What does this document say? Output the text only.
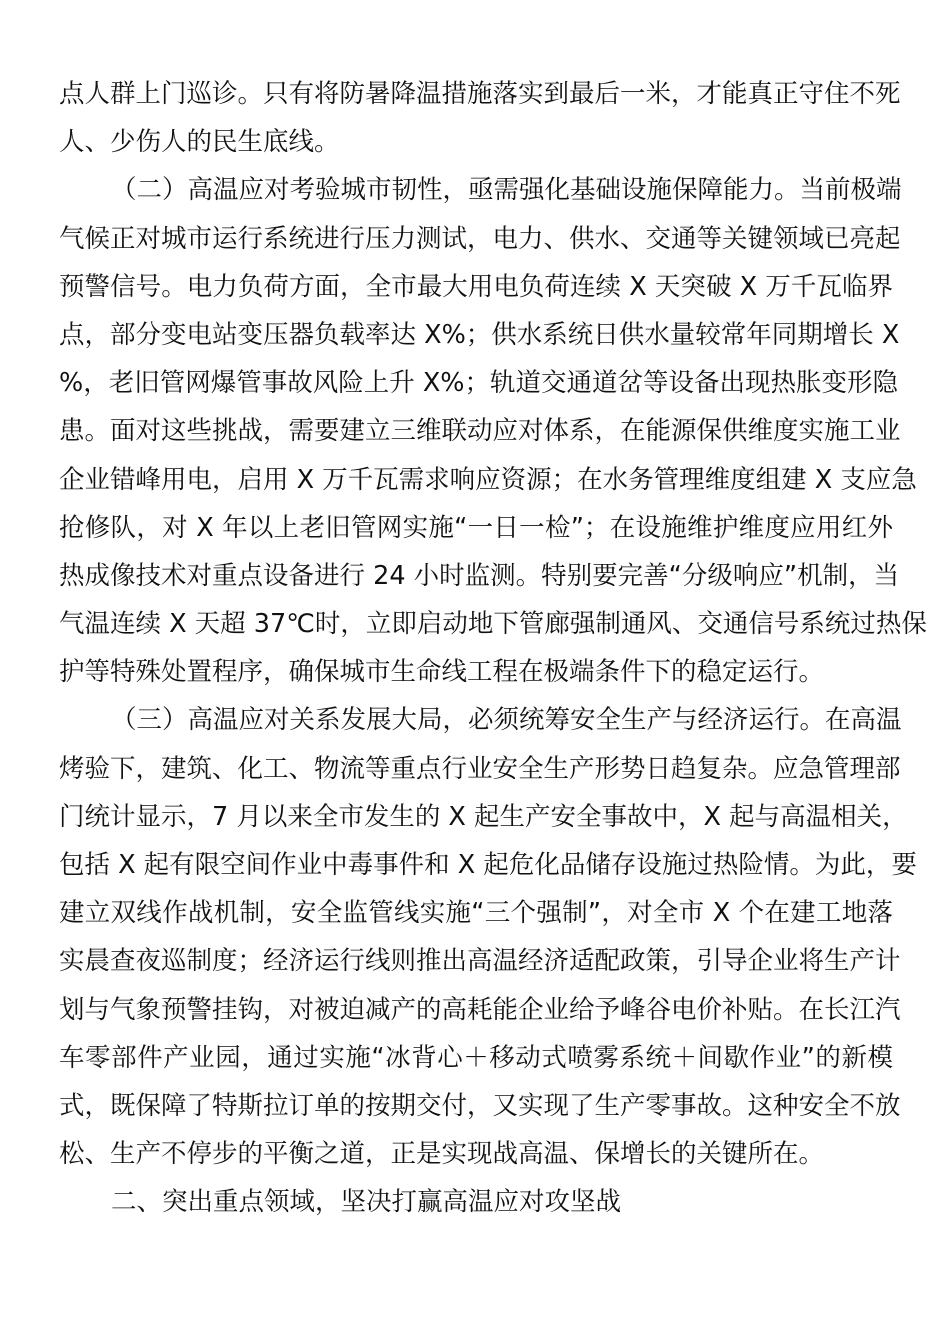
点人群上门巡诊。只有将防暑降温措施落实到最后一米，才能真正守住不死
人、少伤人的民生底线。
（二）高温应对考验城市韧性，亟需强化基础设施保障能力。当前极端
气候正对城市运行系统进行压力测试，电力、供水、交通等关键领域已亮起
预警信号。电力负荷方面，全市最大用电负荷连续 X 天突破 X 万千瓦临界
点，部分变电站变压器负载率达 X%；供水系统日供水量较常年同期增长 X
%，老旧管网爆管事故风险上升 X%；轨道交通道岔等设备出现热胀变形隐
患。面对这些挑战，需要建立三维联动应对体系，在能源保供维度实施工业
企业错峰用电，启用 X 万千瓦需求响应资源；在水务管理维度组建 X 支应急
抢修队，对 X 年以上老旧管网实施“一日一检”；在设施维护维度应用红外
热成像技术对重点设备进行 24 小时监测。特别要完善“分级响应”机制，当
气温连续 X 天超 37℃时，立即启动地下管廊强制通风、交通信号系统过热保
护等特殊处置程序，确保城市生命线工程在极端条件下的稳定运行。
（三）高温应对关系发展大局，必须统筹安全生产与经济运行。在高温
烤验下，建筑、化工、物流等重点行业安全生产形势日趋复杂。应急管理部
门统计显示，7 月以来全市发生的 X 起生产安全事故中，X 起与高温相关，
包括 X 起有限空间作业中毒事件和 X 起危化品储存设施过热险情。为此，要
建立双线作战机制，安全监管线实施“三个强制”，对全市 X 个在建工地落
实晨查夜巡制度；经济运行线则推出高温经济适配政策，引导企业将生产计
划与气象预警挂钩，对被迫减产的高耗能企业给予峰谷电价补贴。在长江汽
车零部件产业园，通过实施“冰背心＋移动式喷雾系统＋间歇作业”的新模
式，既保障了特斯拉订单的按期交付，又实现了生产零事故。这种安全不放
松、生产不停步的平衡之道，正是实现战高温、保增长的关键所在。
二、突出重点领域，坚决打赢高温应对攻坚战
